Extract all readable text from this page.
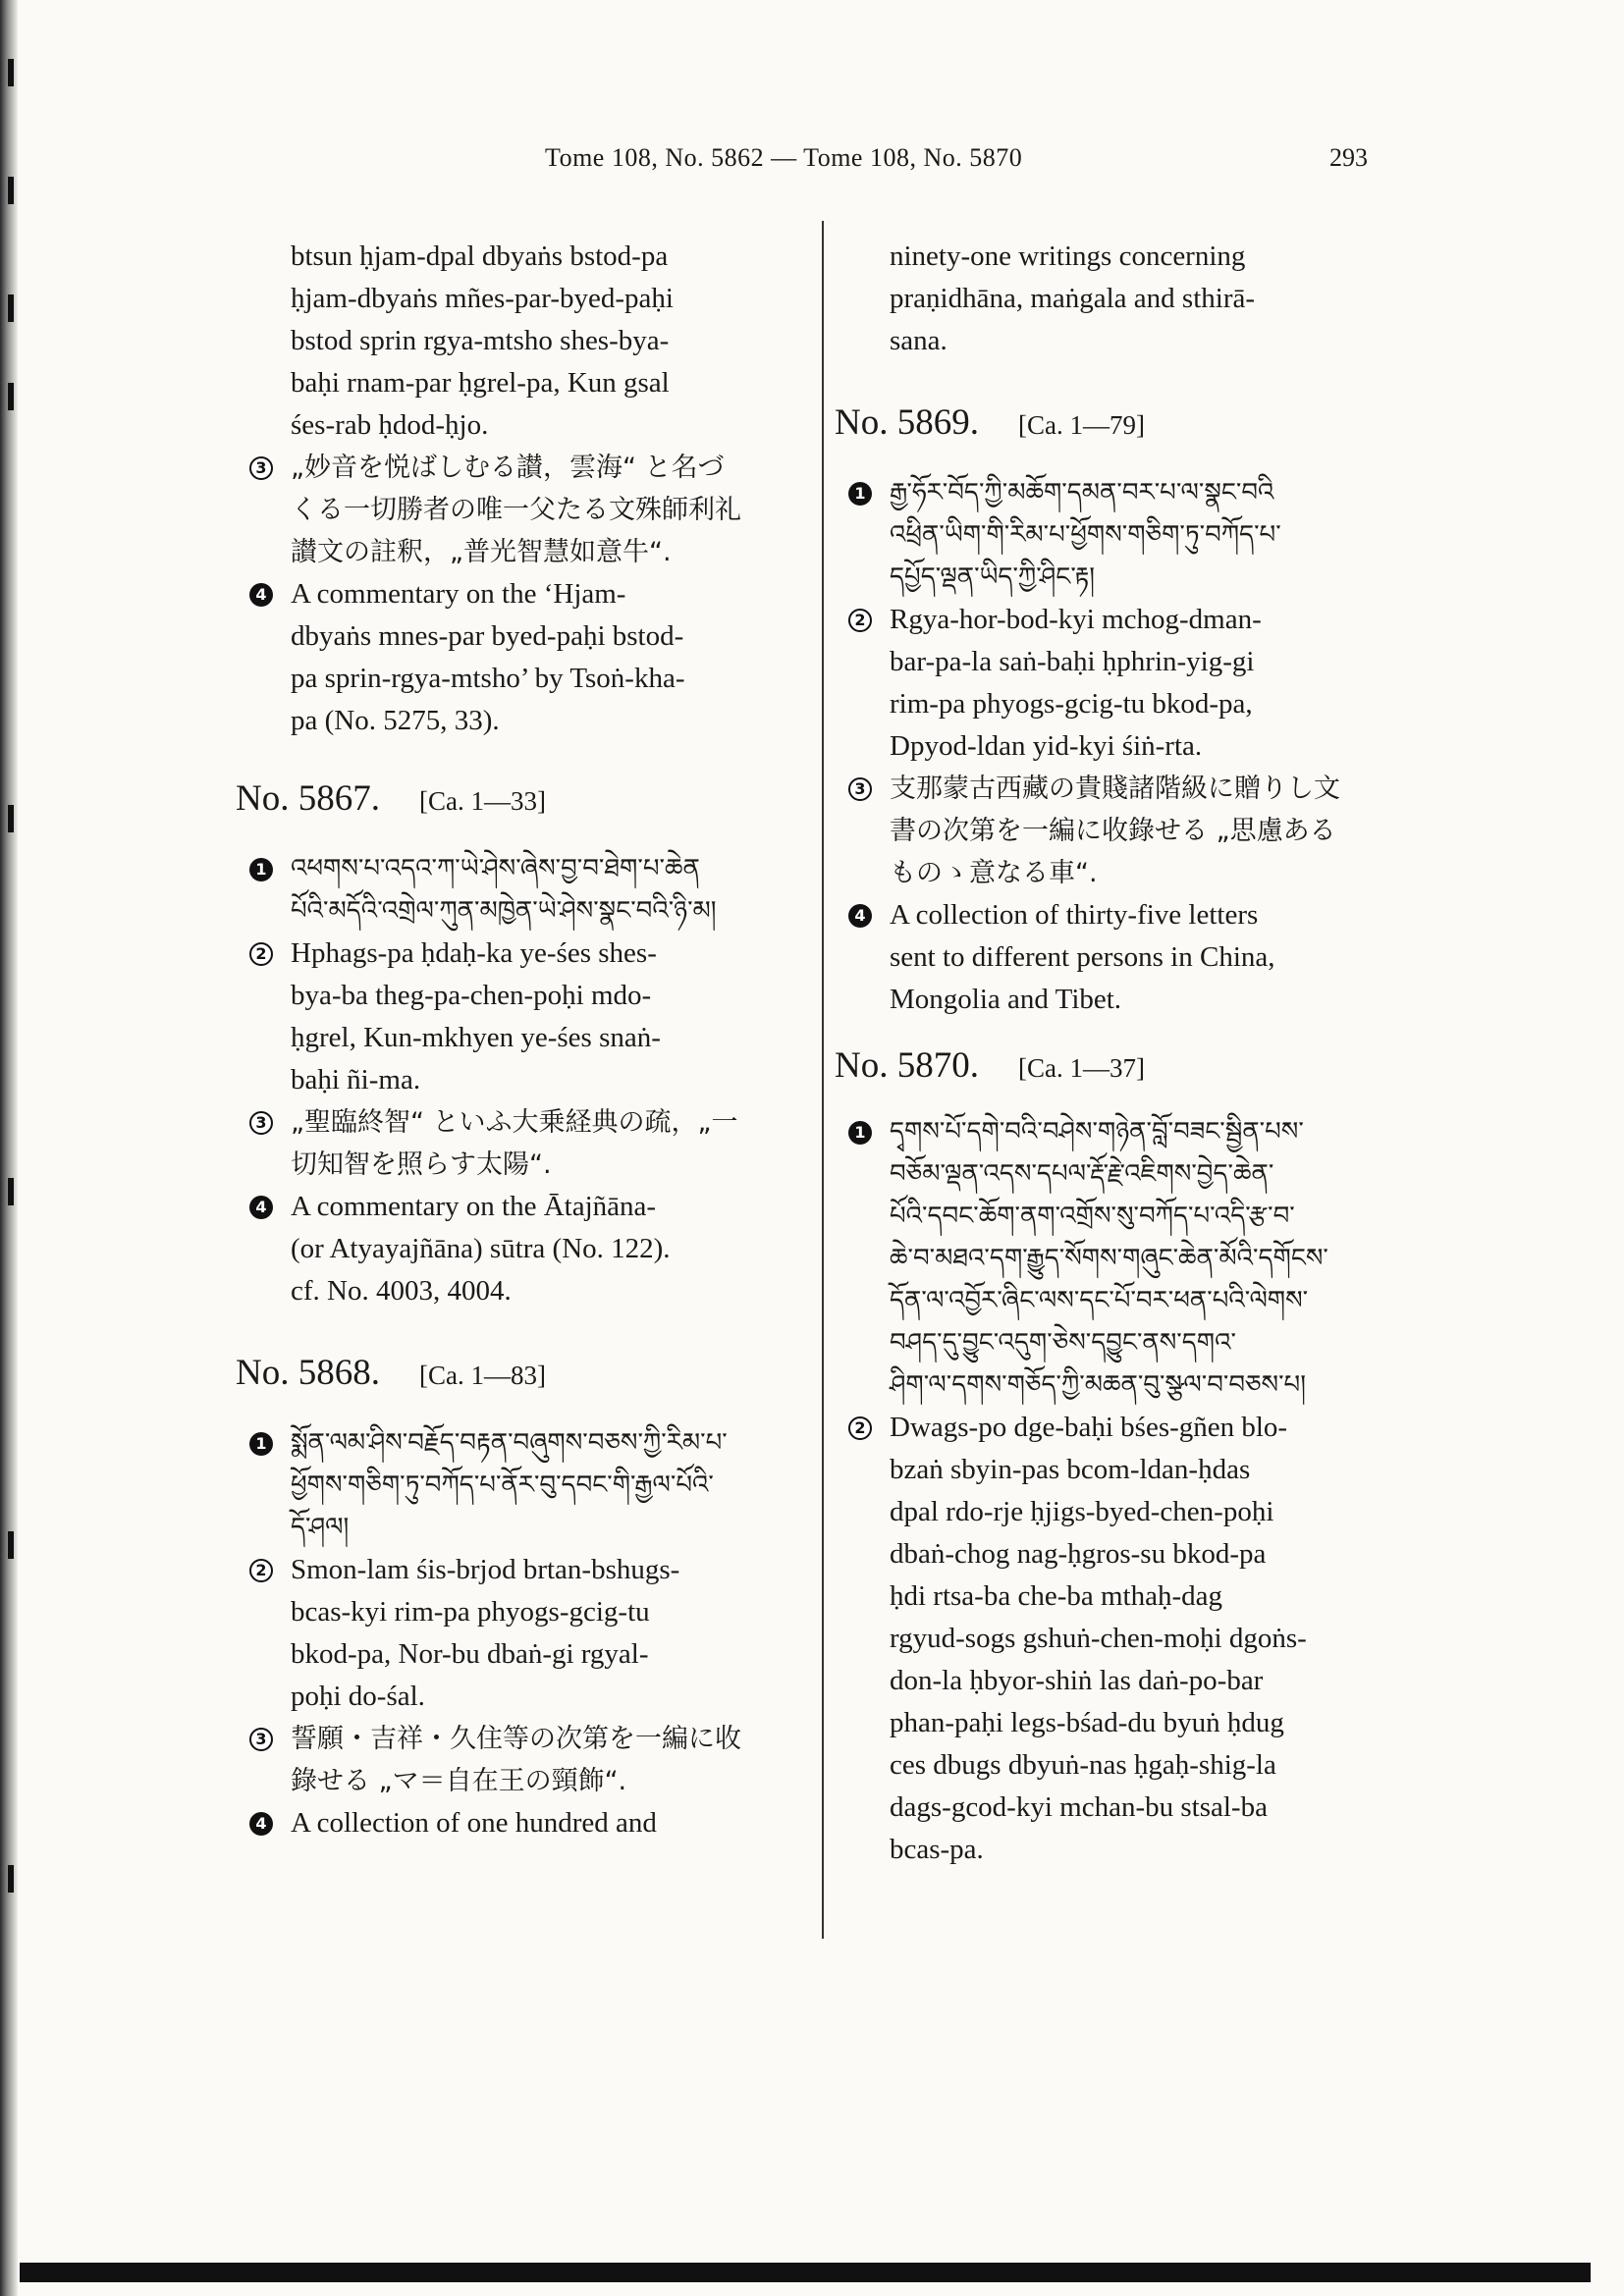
Tome 108, No. 5862 — Tome 108, No. 5870	293

btsun ḥjam-dpal dbyaṅs bstod-pa

ḥjam-dbyaṅs mñes-par-byed-paḥi

bstod sprin rgya-mtsho shes-bya-

baḥi rnam-par ḥgrel-pa, Kun gsal

śes-rab ḥdod-ḥjo.

3 „妙音を悦ばしむる讃，雲海“ と名づ

くる一切勝者の唯一父たる文殊師利礼

讃文の註釈，„普光智慧如意牛“.

4 A commentary on the ‘Hjam-

dbyaṅs mnes-par byed-paḥi bstod-

pa sprin-rgya-mtsho’ by Tsoṅ-kha-

pa (No. 5275, 33).

No. 5867. [Ca. 1—33]
1 འཕགས་པ་འདའ་ཀ་ཡེ་ཤེས་ཞེས་བྱ་བ་ཐེག་པ་ཆེན

པོའི་མདོའི་འགྲེལ་ཀུན་མཁྱེན་ཡེ་ཤེས་སྣང་བའི་ཉི་མ།

2 Hphags-pa ḥdaḥ-ka ye-śes shes-

bya-ba theg-pa-chen-poḥi mdo-

ḥgrel, Kun-mkhyen ye-śes snaṅ-

baḥi ñi-ma.

3 „聖臨終智“ といふ大乗経典の疏，„一

切知智を照らす太陽“.

4 A commentary on the Ātajñāna-

(or Atyayajñāna) sūtra (No. 122).

cf. No. 4003, 4004.

No. 5868. [Ca. 1—83]
1 སྨོན་ལམ་ཤིས་བརྗོད་བརྟན་བཞུགས་བཅས་ཀྱི་རིམ་པ་

ཕྱོགས་གཅིག་ཏུ་བཀོད་པ་ནོར་བུ་དབང་གི་རྒྱལ་པོའི་

དོ་ཤལ།

2 Smon-lam śis-brjod brtan-bshugs-

bcas-kyi rim-pa phyogs-gcig-tu

bkod-pa, Nor-bu dbaṅ-gi rgyal-

poḥi do-śal.

3 誓願・吉祥・久住等の次第を一編に收

錄せる „マ＝自在王の頸飾“.

4 A collection of one hundred and

ninety-one writings concerning

praṇidhāna, maṅgala and sthirā-

sana.

No. 5869. [Ca. 1—79]
1 རྒྱ་ཧོར་བོད་ཀྱི་མཆོག་དམན་བར་པ་ལ་སྣང་བའི

འཕྲིན་ཡིག་གི་རིམ་པ་ཕྱོགས་གཅིག་ཏུ་བཀོད་པ་

དཔྱོད་ལྡན་ཡིད་ཀྱི་ཤིང་རྟ།

2 Rgya-hor-bod-kyi mchog-dman-

bar-pa-la saṅ-baḥi ḥphrin-yig-gi

rim-pa phyogs-gcig-tu bkod-pa,

Dpyod-ldan yid-kyi śiṅ-rta.

3 支那蒙古西藏の貴賤諸階級に贈りし文

書の次第を一編に收錄せる „思慮ある

ものゝ意なる車“.

4 A collection of thirty-five letters

sent to different persons in China,

Mongolia and Tibet.

No. 5870. [Ca. 1—37]
1 དྭགས་པོ་དགེ་བའི་བཤེས་གཉེན་བློ་བཟང་སྦྱིན་པས་

བཅོམ་ལྡན་འདས་དཔལ་རྡོ་རྗེ་འཇིགས་བྱེད་ཆེན་

པོའི་དབང་ཆོག་ནག་འགྲོས་སུ་བཀོད་པ་འདི་རྩ་བ་

ཆེ་བ་མཐའ་དག་རྒྱུད་སོགས་གཞུང་ཆེན་མོའི་དགོངས་

དོན་ལ་འབྱོར་ཞིང་ལས་དང་པོ་བར་ཕན་པའི་ལེགས་

བཤད་དུ་བྱུང་འདུག་ཅེས་དབྱུང་ནས་དགའ་

ཤིག་ལ་དགས་གཅོད་ཀྱི་མཆན་བུ་སྩལ་བ་བཅས་པ།

2 Dwags-po dge-baḥi bśes-gñen blo-

bzaṅ sbyin-pas bcom-ldan-ḥdas

dpal rdo-rje ḥjigs-byed-chen-poḥi

dbaṅ-chog nag-ḥgros-su bkod-pa

ḥdi rtsa-ba che-ba mthaḥ-dag

rgyud-sogs gshuṅ-chen-moḥi dgoṅs-

don-la ḥbyor-shiṅ las daṅ-po-bar

phan-paḥi legs-bśad-du byuṅ ḥdug

ces dbugs dbyuṅ-nas ḥgaḥ-shig-la

dags-gcod-kyi mchan-bu stsal-ba

bcas-pa.
